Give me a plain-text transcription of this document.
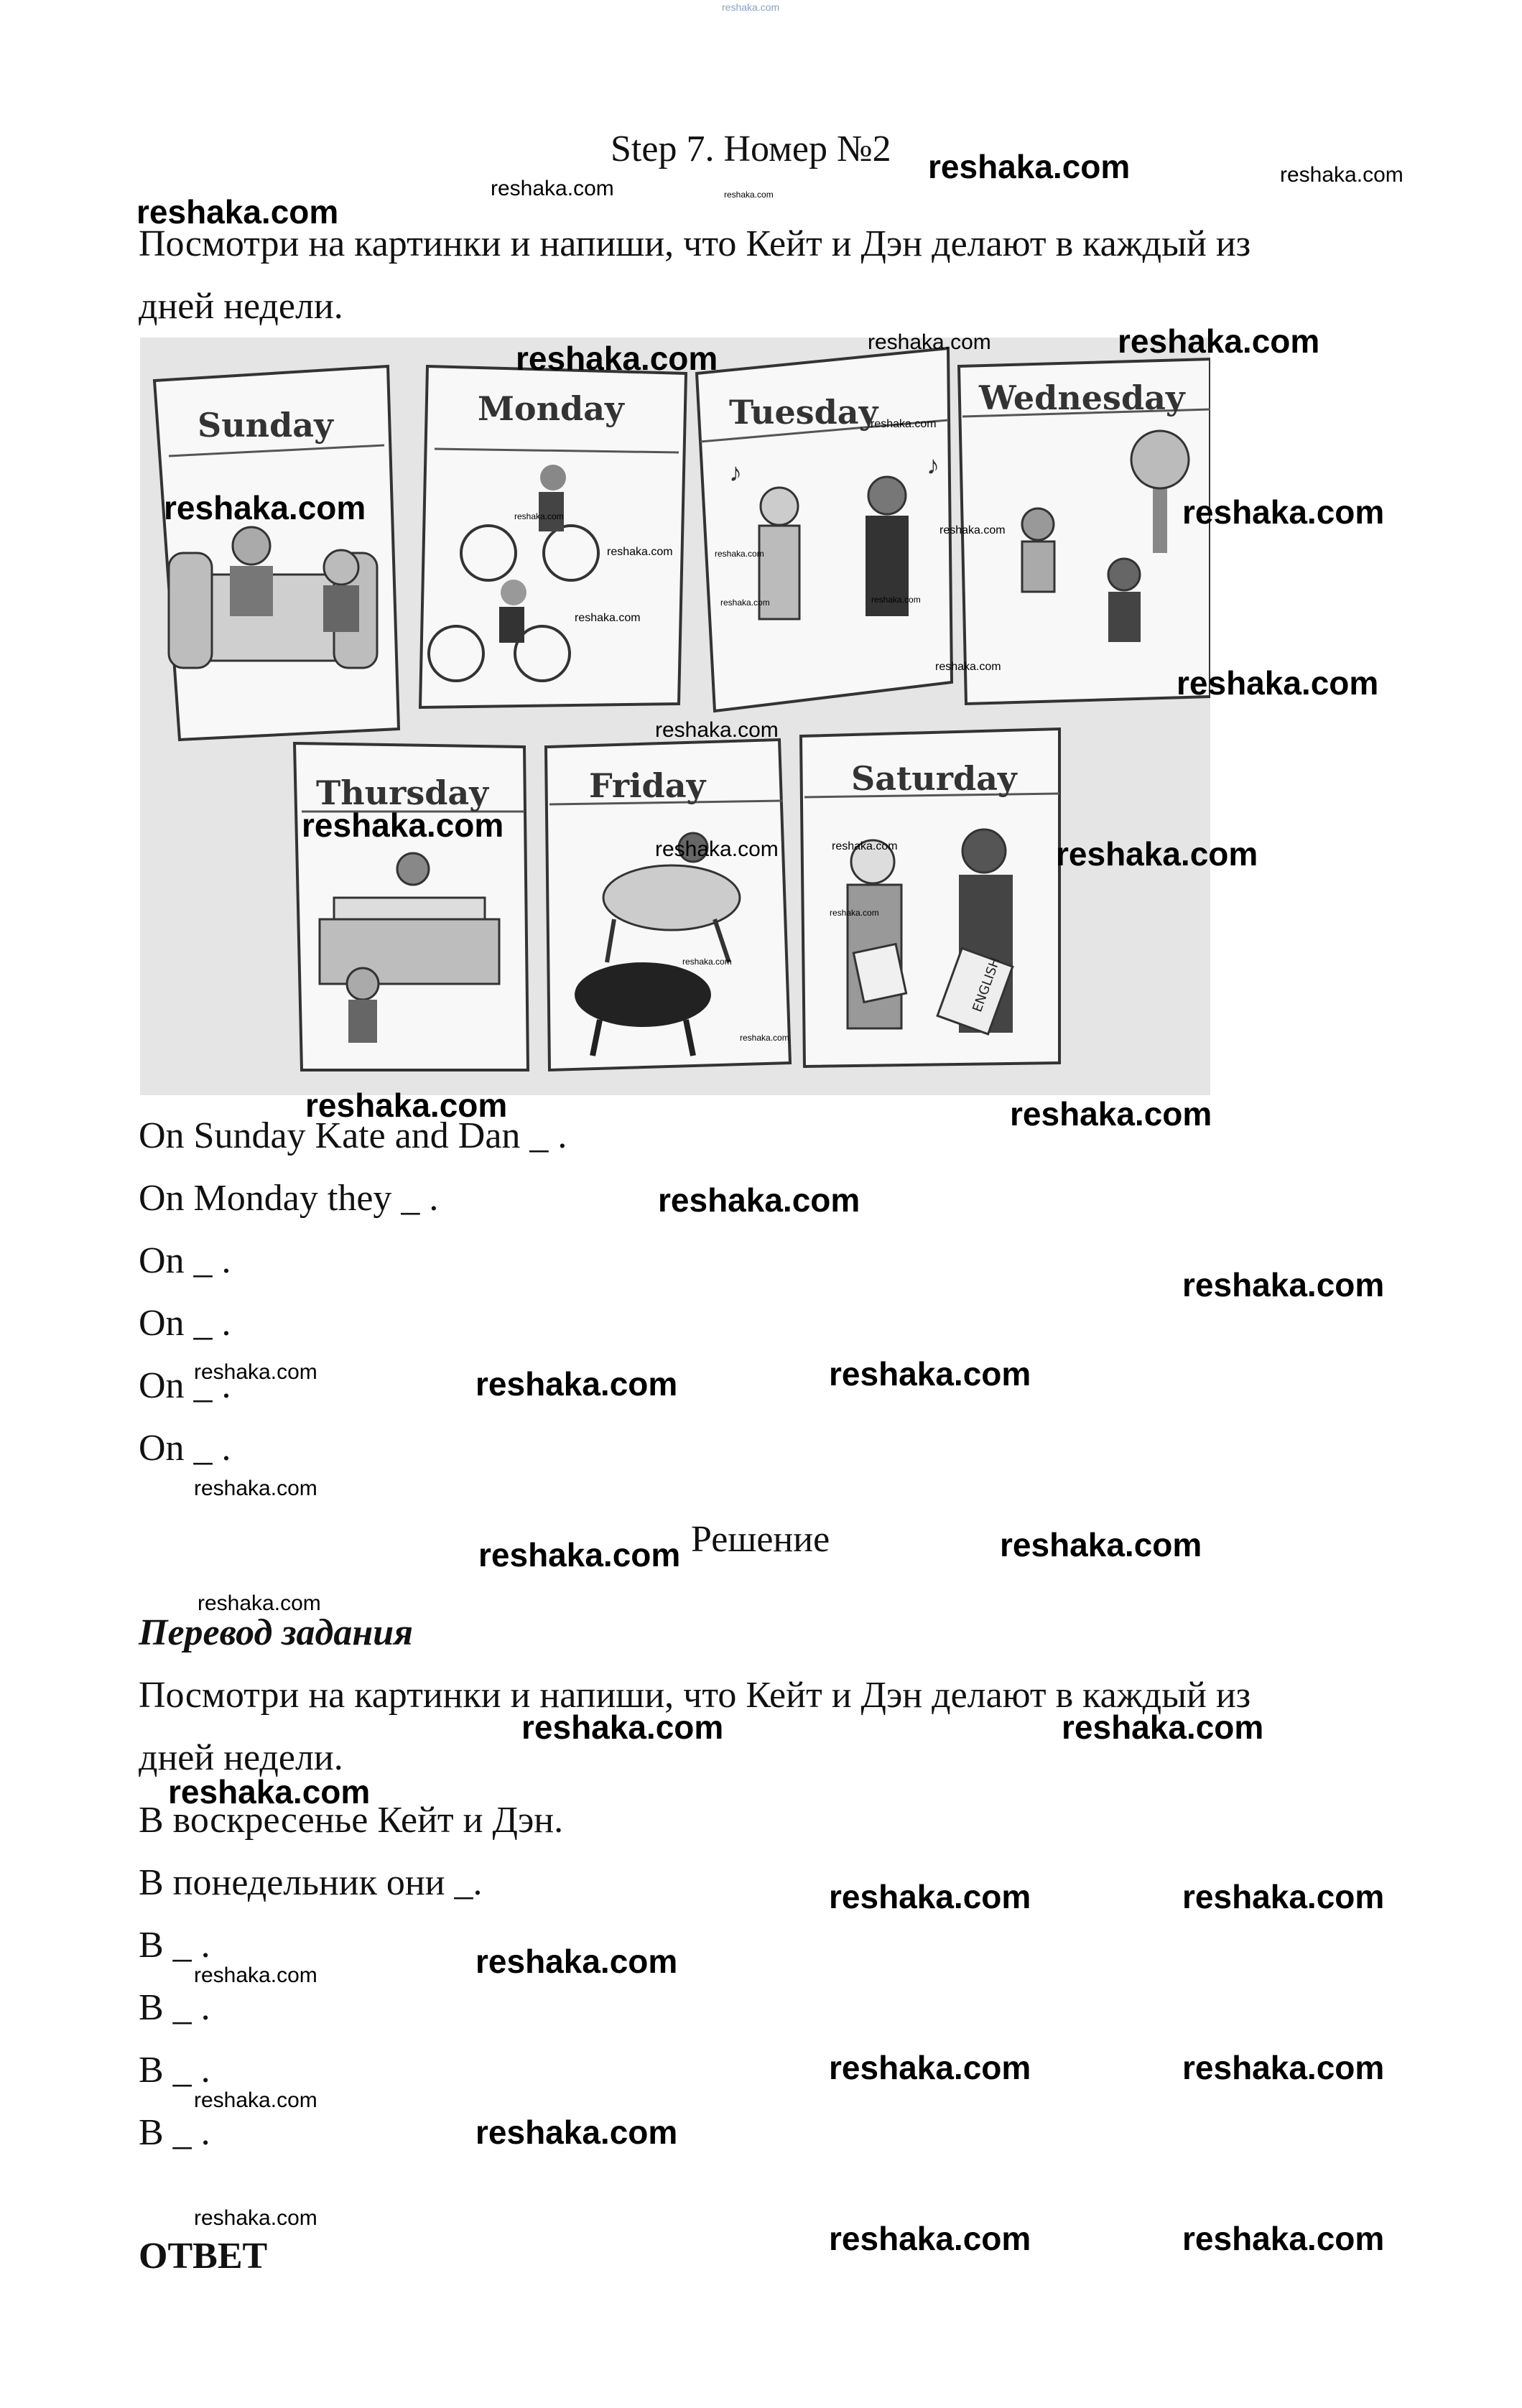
reshaka.com
Step 7. Номер №2
Посмотри на картинки и напиши, что Кейт и Дэн делают в каждый из
дней недели.
Sunday	Monday	Tuesday
♪	♪
Wednesday
Thursday	Friday	Saturday
ENGLISH
On Sunday Kate and Dan _ .
On Monday they _ .
On _ .
On _ .
On _ .
On _ .
Решение
Перевод задания
Посмотри на картинки и напиши, что Кейт и Дэн делают в каждый из
дней недели.
В воскресенье Кейт и Дэн.
В понедельник они _.
В _ .
В _ .
В _ .
В _ .
ОТВЕТ
reshaka.com	reshaka.com
reshaka.com
reshaka.com	reshaka.com
reshaka.com	reshaka.com	reshaka.com
reshaka.com
reshaka.com
reshaka.com
reshaka.com
reshaka.com
reshaka.com
reshaka.com
reshaka.com	reshaka.com
reshaka.com
reshaka.com
reshaka.com
reshaka.com
reshaka.com
reshaka.com	reshaka.com	reshaka.com
reshaka.com
reshaka.com
reshaka.com
reshaka.com	reshaka.com
reshaka.com
reshaka.com
reshaka.com	reshaka.com	reshaka.com
reshaka.com
reshaka.com	reshaka.com
reshaka.com
reshaka.com	reshaka.com
reshaka.com
reshaka.com	reshaka.com
reshaka.com
reshaka.com
reshaka.com	reshaka.com
reshaka.com
reshaka.com
reshaka.com
reshaka.com	reshaka.com
